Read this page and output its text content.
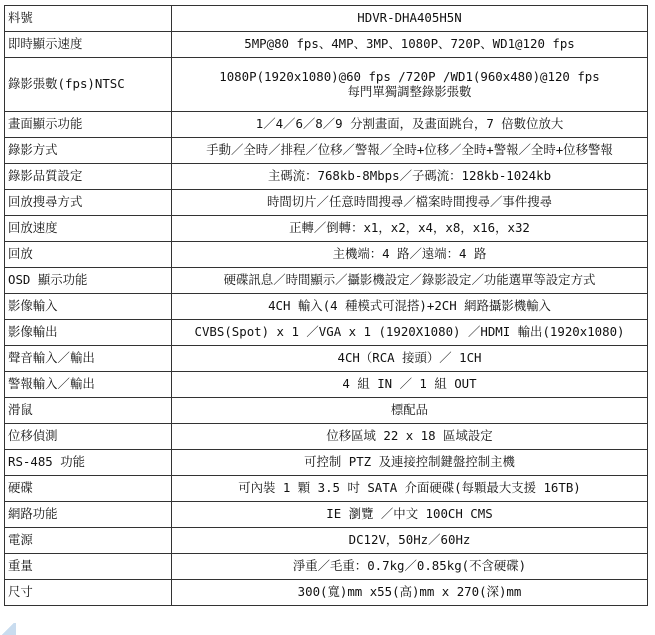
料號	HDVR-DHA405H5N

即時顯示速度	5MP@80 fps、4MP、3MP、1080P、720P、WD1@120 fps

錄影張數(fps)NTSC	1080P(1920x1080)@60 fps /720P /WD1(960x480)@120 fps
每門單獨調整錄影張數

畫面顯示功能	1／4／6／8／9 分割畫面，及畫面跳台，7 倍數位放大

錄影方式	手動／全時／排程／位移／警報／全時+位移／全時+警報／全時+位移警報

錄影品質設定	主碼流：768kb-8Mbps／子碼流：128kb-1024kb

回放搜尋方式	時間切片／任意時間搜尋／檔案時間搜尋／事件搜尋

回放速度	正轉／倒轉：x1，x2，x4，x8，x16，x32

回放	主機端：4 路／遠端：4 路

OSD 顯示功能	硬碟訊息／時間顯示／攝影機設定／錄影設定／功能選單等設定方式

影像輸入	4CH 輸入(4 種模式可混搭)+2CH 網路攝影機輸入

影像輸出	CVBS(Spot) x 1 ／VGA x 1 (1920X1080) ／HDMI 輸出(1920x1080)

聲音輸入／輸出	4CH（RCA 接頭）／ 1CH

警報輸入／輸出	4 組 IN ／ 1 組 OUT

滑鼠	標配品

位移偵測	位移區域 22 x 18 區域設定

RS-485 功能	可控制 PTZ 及連接控制鍵盤控制主機

硬碟	可內裝 1 顆 3.5 吋 SATA 介面硬碟(每顆最大支援 16TB)

網路功能	IE 瀏覽 ／中文 100CH CMS

電源	DC12V，50Hz／60Hz

重量	淨重／毛重：0.7kg／0.85kg(不含硬碟)

尺寸	300(寬)mm x55(高)mm x 270(深)mm
